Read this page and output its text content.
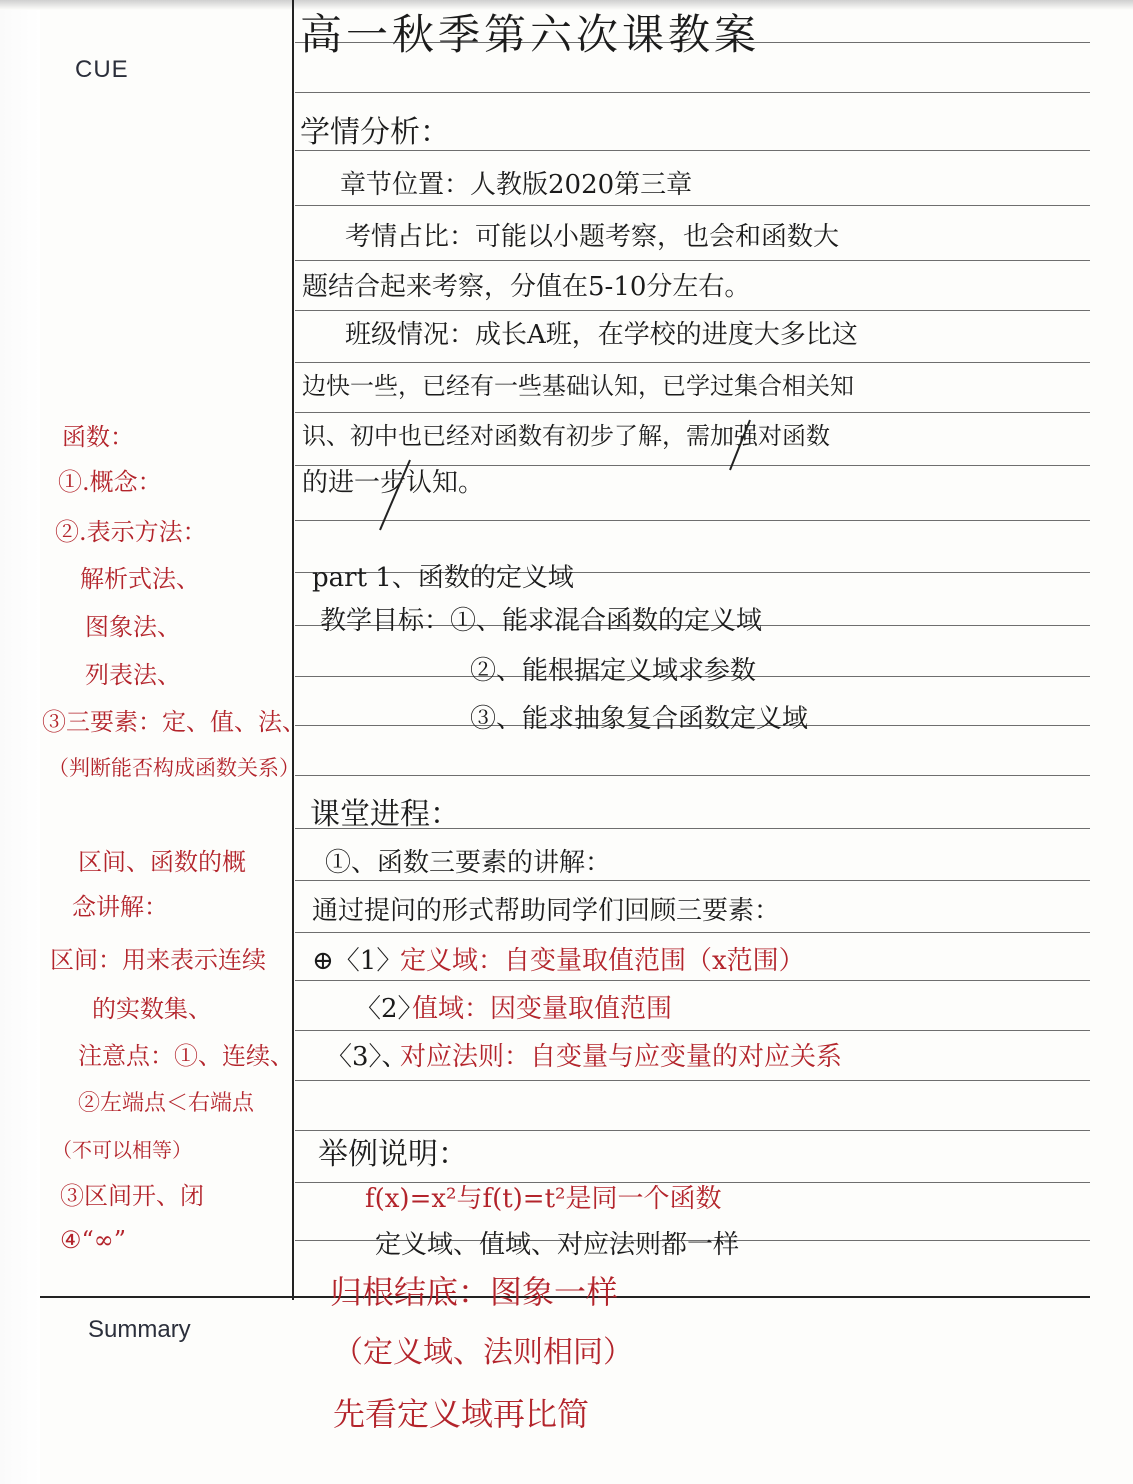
CUE
Summary
高一秋季第六次课教案
学情分析：
章节位置：人教版2020第三章
考情占比：可能以小题考察，也会和函数大
题结合起来考察，分值在5-10分左右。
班级情况：成长A班，在学校的进度大多比这
边快一些，已经有一些基础认知，已学过集合相关知
识、初中也已经对函数有初步了解，需加强对函数
的进一步认知。
part 1、函数的定义域
教学目标：①、能求混合函数的定义域
②、能根据定义域求参数
③、能求抽象复合函数定义域
课堂进程：
①、函数三要素的讲解：
通过提问的形式帮助同学们回顾三要素：
⊕〈1〉
定义域：自变量取值范围（x范围）
〈2〉
值域：因变量取值范围
〈3〉、
对应法则：自变量与应变量的对应关系
举例说明：
f(x)=x²与f(t)=t²是同一个函数
定义域、值域、对应法则都一样
归根结底：图象一样
（定义域、法则相同）
先看定义域再比简
函数：
①.概念：
②.表示方法：
解析式法、
图象法、
列表法、
③三要素：定、值、法、
（判断能否构成函数关系）
区间、函数的概
念讲解：
区间：用来表示连续
的实数集、
注意点：①、连续、
②左端点＜右端点
（不可以相等）
③区间开、闭
④“∞”
